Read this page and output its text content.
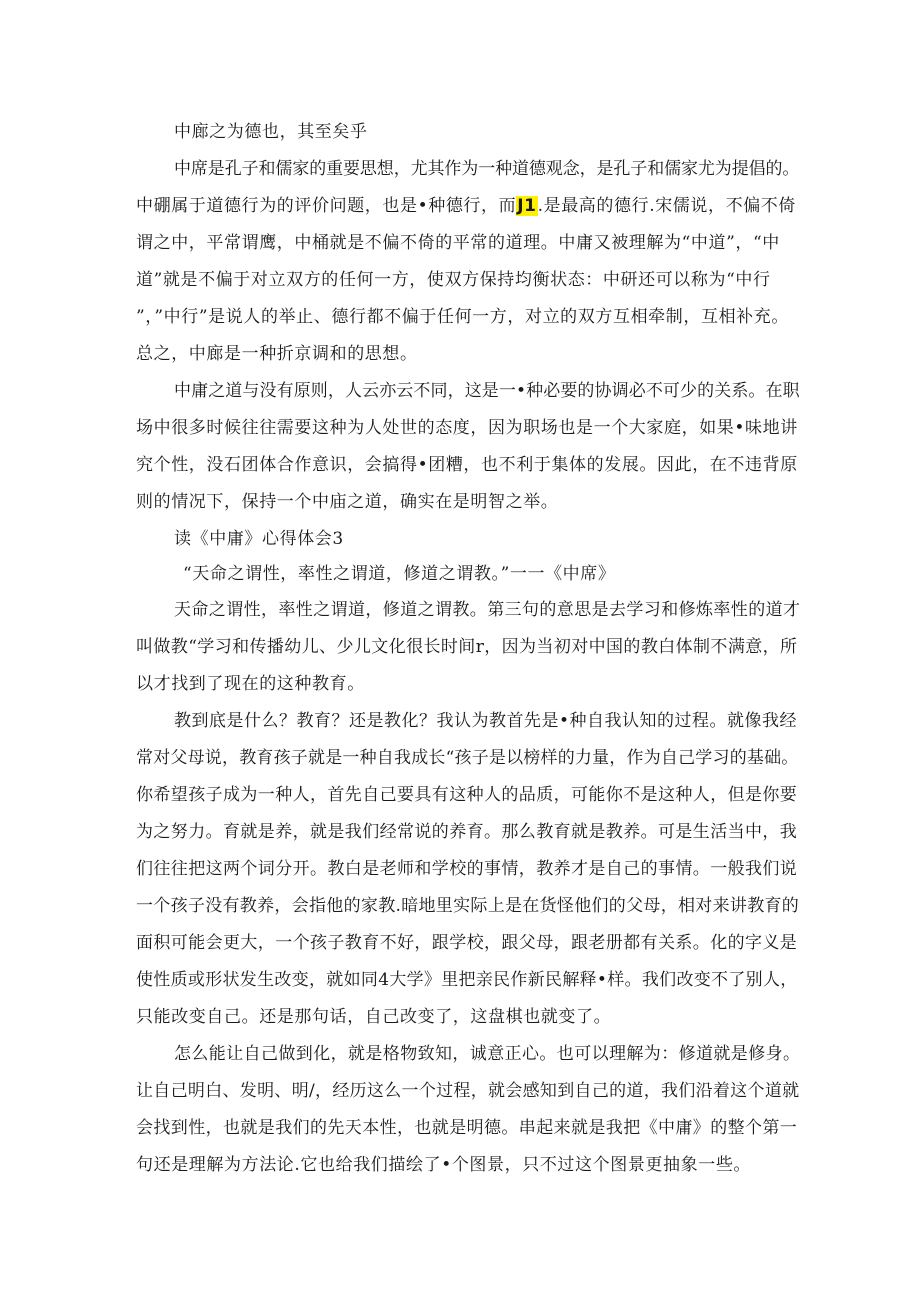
中廊之为德也，其至矣乎

中席是孔子和儒家的重要思想，尤其作为一种道德观念，是孔子和儒家尤为提倡的。

中硼属于道德行为的评价问题，也是•种德行，而J1.是最高的德行.宋儒说，不偏不倚

谓之中，平常谓鹰，中桶就是不偏不倚的平常的道理。中庸又被理解为“中道”，“中

道”就是不偏于对立双方的任何一方，使双方保持均衡状态：中研还可以称为“中行

”，”中行”是说人的举止、德行都不偏于任何一方，对立的双方互相牵制，互相补充。

总之，中廊是一种折京调和的思想。

中庸之道与没有原则，人云亦云不同，这是一•种必要的协调必不可少的关系。在职

场中很多时候往往需要这种为人处世的态度，因为职场也是一个大家庭，如果•味地讲

究个性，没石团体合作意识，会搞得•团糟，也不利于集体的发展。因此，在不违背原

则的情况下，保持一个中庙之道，确实在是明智之举。

读《中庸》心得体会3

“天命之谓性，率性之谓道，修道之谓教。”一一《中席》

天命之谓性，率性之谓道，修道之谓教。第三句的意思是去学习和修炼率性的道才

叫做教“学习和传播幼儿、少儿文化很长时间r，因为当初对中国的教白体制不满意，所

以才找到了现在的这种教育。

教到底是什么？教育？还是教化？我认为教首先是•种自我认知的过程。就像我经

常对父母说，教育孩子就是一种自我成长“孩子是以榜样的力量，作为自己学习的基础。

你希望孩子成为一种人，首先自己要具有这种人的品质，可能你不是这种人，但是你要

为之努力。育就是养，就是我们经常说的养育。那么教育就是教养。可是生活当中，我

们往往把这两个词分开。教白是老师和学校的事情，教养才是自己的事情。一般我们说

一个孩子没有教养，会指他的家教.暗地里实际上是在货怪他们的父母，相对来讲教育的

面积可能会更大，一个孩子教育不好，跟学校，跟父母，跟老册都有关系。化的字义是

使性质或形状发生改变，就如同4大学》里把亲民作新民解释•样。我们改变不了别人，

只能改变自己。还是那句话，自己改变了，这盘棋也就变了。

怎么能让自己做到化，就是格物致知，诚意正心。也可以理解为：修道就是修身。

让自己明白、发明、明/，经历这么一个过程，就会感知到自己的道，我们沿着这个道就

会找到性，也就是我们的先天本性，也就是明德。串起来就是我把《中庸》的整个第一

句还是理解为方法论.它也给我们描绘了•个图景，只不过这个图景更抽象一些。
